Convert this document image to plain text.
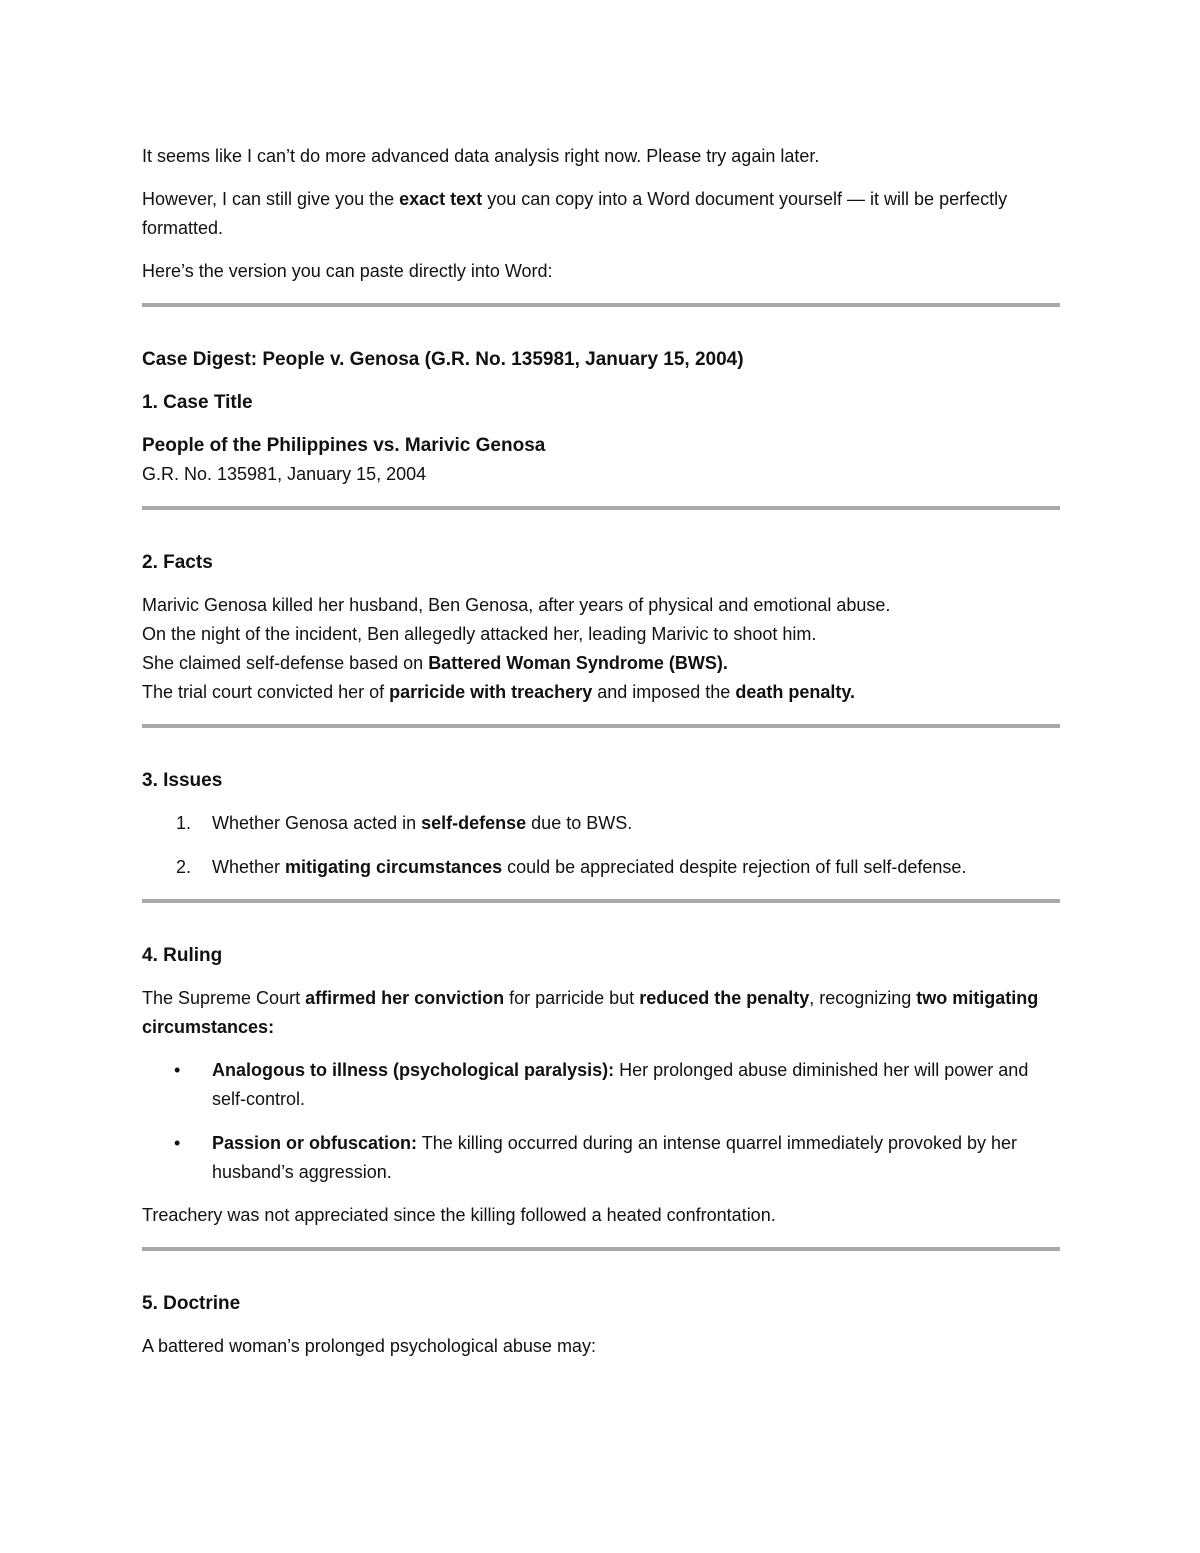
It seems like I can’t do more advanced data analysis right now. Please try again later.

However, I can still give you the exact text you can copy into a Word document yourself — it will be perfectly formatted.

Here’s the version you can paste directly into Word:

Case Digest: People v. Genosa (G.R. No. 135981, January 15, 2004)

1. Case Title

People of the Philippines vs. Marivic Genosa

G.R. No. 135981, January 15, 2004

2. Facts

Marivic Genosa killed her husband, Ben Genosa, after years of physical and emotional abuse.

On the night of the incident, Ben allegedly attacked her, leading Marivic to shoot him.

She claimed self-defense based on Battered Woman Syndrome (BWS).

The trial court convicted her of parricide with treachery and imposed the death penalty.

3. Issues

1. Whether Genosa acted in self-defense due to BWS.
2. Whether mitigating circumstances could be appreciated despite rejection of full self-defense.

4. Ruling

The Supreme Court affirmed her conviction for parricide but reduced the penalty, recognizing two mitigating circumstances:

• Analogous to illness (psychological paralysis): Her prolonged abuse diminished her will power and self-control.
• Passion or obfuscation: The killing occurred during an intense quarrel immediately provoked by her husband’s aggression.

Treachery was not appreciated since the killing followed a heated confrontation.

5. Doctrine

A battered woman’s prolonged psychological abuse may:
